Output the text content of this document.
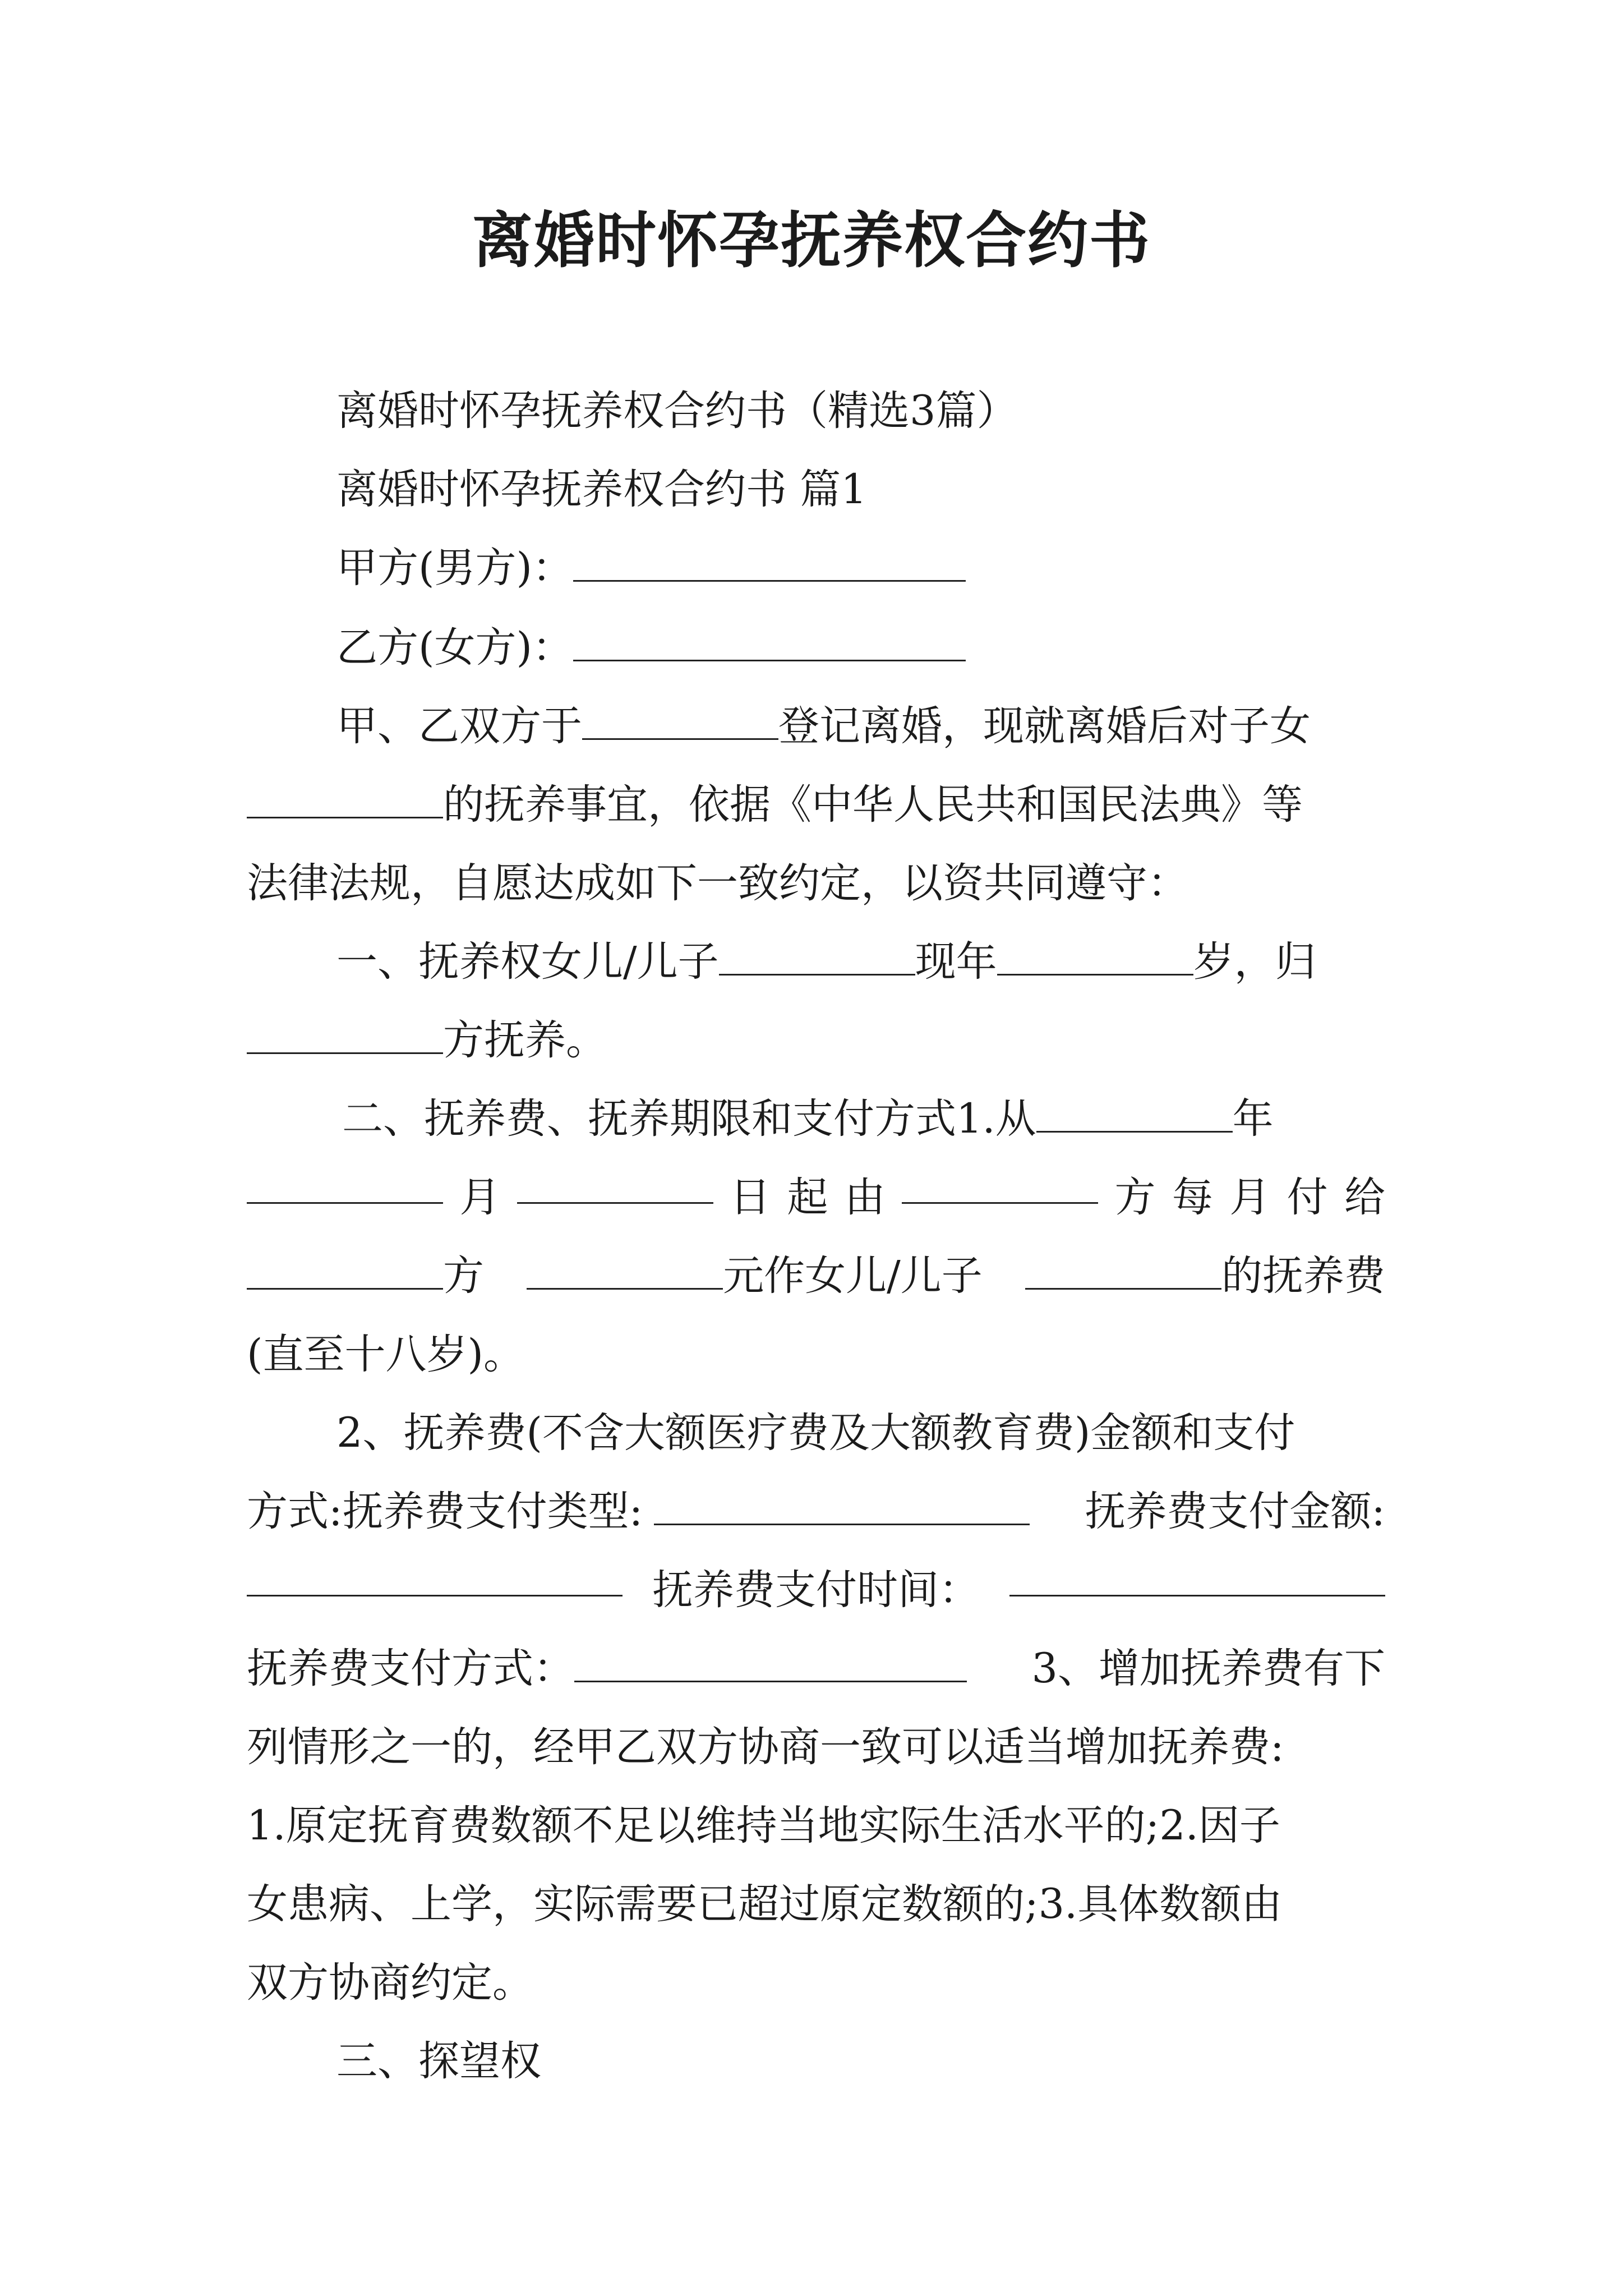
离婚时怀孕抚养权合约书
离婚时怀孕抚养权合约书（精选3篇）
离婚时怀孕抚养权合约书 篇1
甲方(男方)：
乙方(女方)：
甲、乙双方于	登记离婚，现就离婚后对子女
的抚养事宜，依据《中华人民共和国民法典》等
法律法规，自愿达成如下一致约定，以资共同遵守：
一、抚养权女儿/儿子	现年	岁，归
方抚养。
二、抚养费、抚养期限和支付方式1.从	年
月	日 起 由	方 每 月 付 给
方	元作女儿/儿子	的抚养费
(直至十八岁)。
2、抚养费(不含大额医疗费及大额教育费)金额和支付
方式:抚养费支付类型:	抚养费支付金额:
抚养费支付时间：
抚养费支付方式：	3、增加抚养费有下
列情形之一的，经甲乙双方协商一致可以适当增加抚养费:
1.原定抚育费数额不足以维持当地实际生活水平的;2.因子
女患病、上学，实际需要已超过原定数额的;3.具体数额由
双方协商约定。
三、探望权
